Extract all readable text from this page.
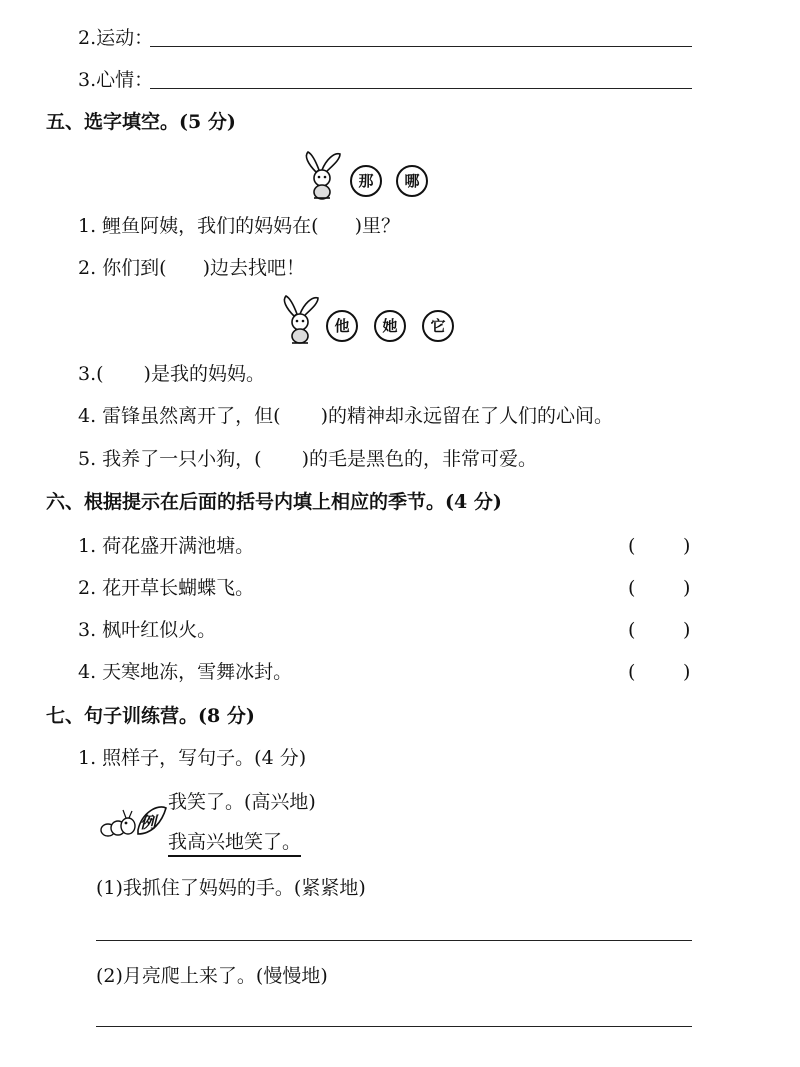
2.运动：
3.心情：
五、选字填空。(5 分)
那	哪
1. 鲤鱼阿姨，我们的妈妈在( )里？
2. 你们到( )边去找吧！
他	她	它
3.( )是我的妈妈。
4. 雷锋虽然离开了，但( )的精神却永远留在了人们的心间。
5. 我养了一只小狗，( )的毛是黑色的，非常可爱。
六、根据提示在后面的括号内填上相应的季节。(4 分)
1. 荷花盛开满池塘。	(	)
2. 花开草长蝴蝶飞。	(	)
3. 枫叶红似火。	(	)
4. 天寒地冻，雪舞冰封。	(	)
七、句子训练营。(8 分)
1. 照样子，写句子。(4 分)
例
我笑了。(高兴地)
我高兴地笑了。
(1)我抓住了妈妈的手。(紧紧地)
(2)月亮爬上来了。(慢慢地)
